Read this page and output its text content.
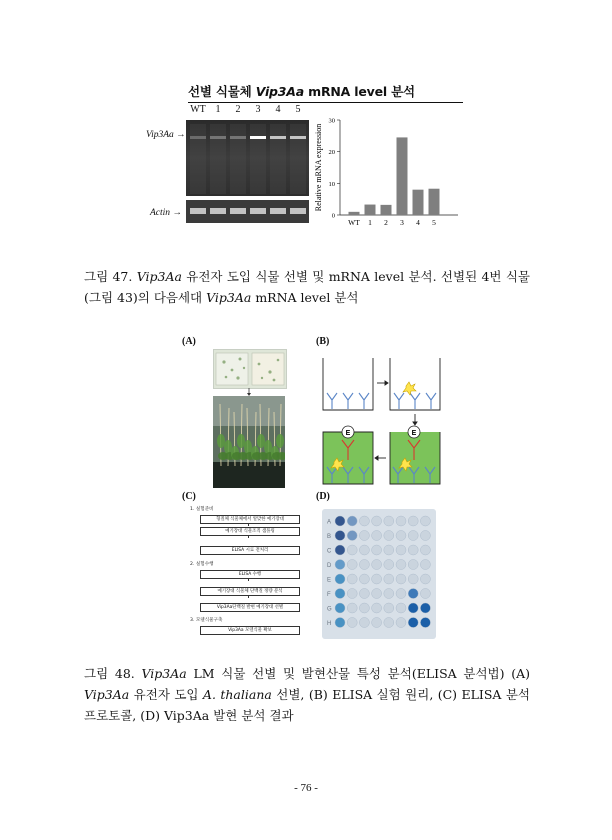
선별 식물체 Vip3Aa mRNA level 분석
WT 1	2	3	4	5
Vip3Aa →
Actin →	0
10
20
30
Relative mRNA expression
WT 1 2 3 4 5
그림 47. Vip3Aa 유전자 도입 식물 선별 및 mRNA level 분석. 선별된 4번 식물(그림 43)의 다음세대 Vip3Aa mRNA level 분석
(A)	(B)
(C)	(D)
E	E
1. 실험준비
형질체 식물체에서 알맞한 예기장대
예기장대 식물조직 샘플링
ELISA 시료 전처리
2. 실험수행
ELISA 수행
예기장대 식물체 단백질 정량 분석
Vip3Aa단백질 발현 예기장대 선별
3. 모델식물구축
Vip3Aa 모델식물 확보
A
B
C
D
E
F
G
H
그림 48. Vip3Aa LM 식물 선별 및 발현산물 특성 분석(ELISA 분석법) (A) Vip3Aa 유전자 도입 A. thaliana 선별, (B) ELISA 실험 원리, (C) ELISA 분석 프로토콜, (D) Vip3Aa 발현 분석 결과
- 76 -
